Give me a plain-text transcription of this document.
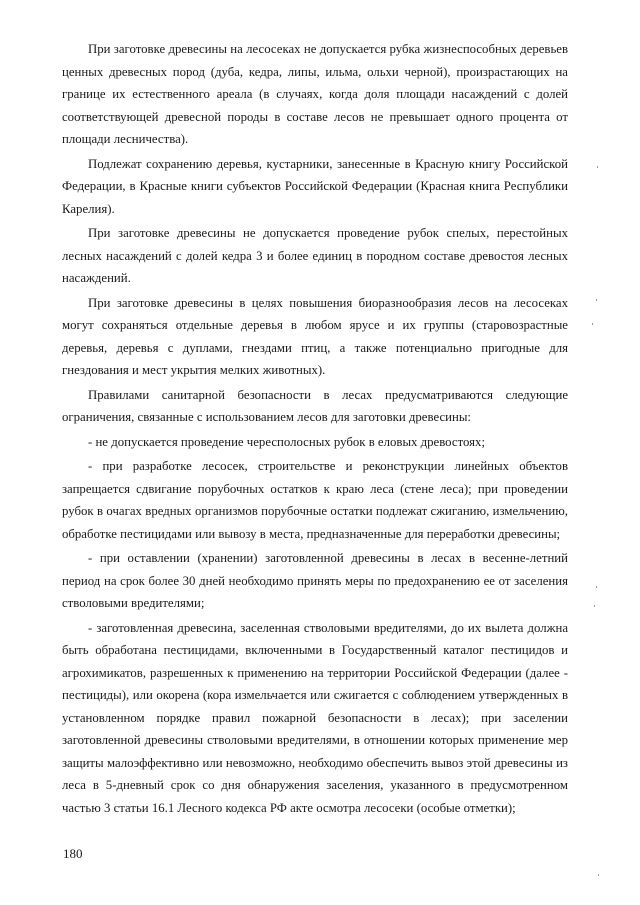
При заготовке древесины на лесосеках не допускается рубка жизнеспособных деревьев ценных древесных пород (дуба, кедра, липы, ильма, ольхи черной), произрастающих на границе их естественного ареала (в случаях, когда доля площади насаждений с долей соответствующей древесной породы в составе лесов не превышает одного процента от площади лесничества).

Подлежат сохранению деревья, кустарники, занесенные в Красную книгу Российской Федерации, в Красные книги субъектов Российской Федерации (Красная книга Республики Карелия).

При заготовке древесины не допускается проведение рубок спелых, перестойных лесных насаждений с долей кедра 3 и более единиц в породном составе древостоя лесных насаждений.

При заготовке древесины в целях повышения биоразнообразия лесов на лесосеках могут сохраняться отдельные деревья в любом ярусе и их группы (старовозрастные деревья, деревья с дуплами, гнездами птиц, а также потенциально пригодные для гнездования и мест укрытия мелких животных).

Правилами санитарной безопасности в лесах предусматриваются следующие ограничения, связанные с использованием лесов для заготовки древесины:

- не допускается проведение чересполосных рубок в еловых древостоях;

- при разработке лесосек, строительстве и реконструкции линейных объектов запрещается сдвигание порубочных остатков к краю леса (стене леса); при проведении рубок в очагах вредных организмов порубочные остатки подлежат сжиганию, измельчению, обработке пестицидами или вывозу в места, предназначенные для переработки древесины;

- при оставлении (хранении) заготовленной древесины в лесах в весенне-летний период на срок более 30 дней необходимо принять меры по предохранению ее от заселения стволовыми вредителями;

- заготовленная древесина, заселенная стволовыми вредителями, до их вылета должна быть обработана пестицидами, включенными в Государственный каталог пестицидов и агрохимикатов, разрешенных к применению на территории Российской Федерации (далее - пестициды), или окорена (кора измельчается или сжигается с соблюдением утвержденных в установленном порядке правил пожарной безопасности в лесах); при заселении заготовленной древесины стволовыми вредителями, в отношении которых применение мер защиты малоэффективно или невозможно, необходимо обеспечить вывоз этой древесины из леса в 5-дневный срок со дня обнаружения заселения, указанного в предусмотренном частью 3 статьи 16.1 Лесного кодекса РФ акте осмотра лесосеки (особые отметки);

180
